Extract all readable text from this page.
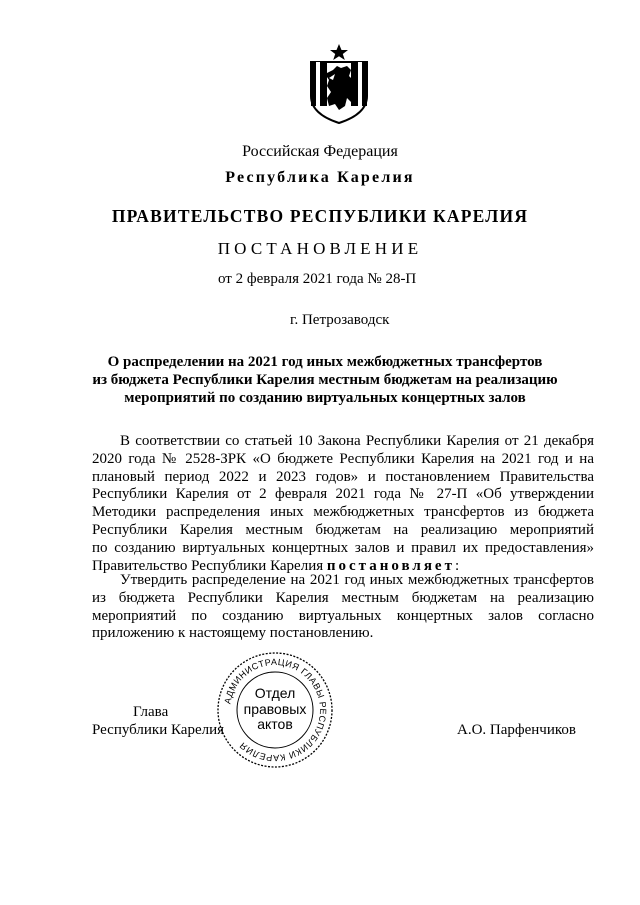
Российская Федерация
Республика Карелия
ПРАВИТЕЛЬСТВО РЕСПУБЛИКИ КАРЕЛИЯ
ПОСТАНОВЛЕНИЕ
от 2 февраля 2021 года № 28-П
г. Петрозаводск
О распределении на 2021 год иных межбюджетных трансфертов
из бюджета Республики Карелия местным бюджетам на реализацию
мероприятий по созданию виртуальных концертных залов
В соответствии со статьей 10 Закона Республики Карелия от 21 декабря
2020 года № 2528-ЗРК «О бюджете Республики Карелия на 2021 год и на
плановый период 2022 и 2023 годов» и постановлением Правительства
Республики Карелия от 2 февраля 2021 года № 27-П «Об утверждении
Методики распределения иных межбюджетных трансфертов из бюджета
Республики Карелия местным бюджетам на реализацию мероприятий
по созданию виртуальных концертных залов и правил их предоставления»
Правительство Республики Карелия постановляет:
Утвердить распределение на 2021 год иных межбюджетных трансфертов
из бюджета Республики Карелия местным бюджетам на реализацию
мероприятий по созданию виртуальных концертных залов согласно
приложению к настоящему постановлению.
АДМИНИСТРАЦИЯ ГЛАВЫ РЕСПУБЛИКИ КАРЕЛИЯ
Отдел
правовых
актов
Глава
Республики Карелия	А.О. Парфенчиков
